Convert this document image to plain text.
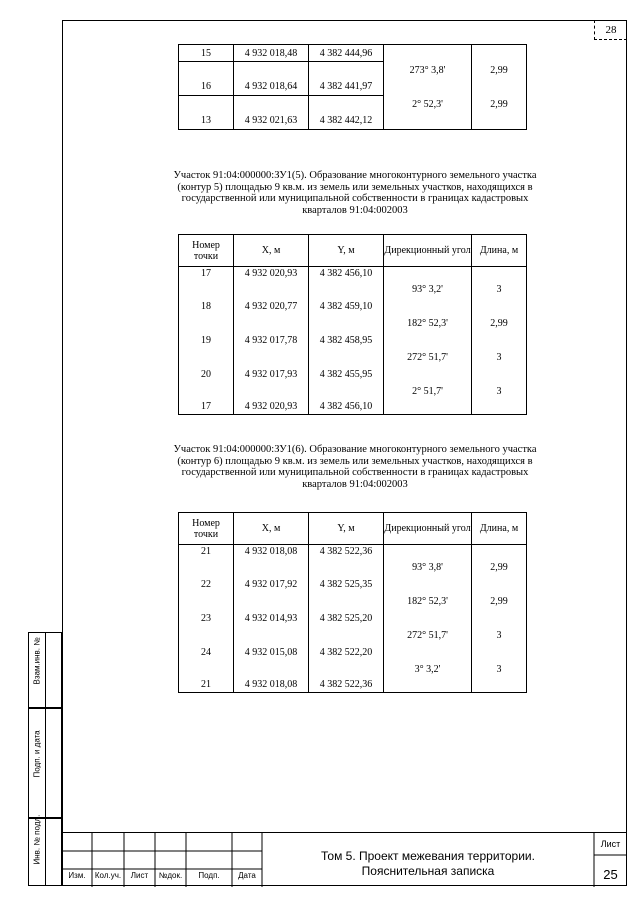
Взам.инв. №
Подп. и дата
Инв. № подл.
28
15	4 932 018,48	4 382 444,96		
			273° 3,8'	2,99
16	4 932 018,64	4 382 441,97		
			2° 52,3'	2,99
13	4 932 021,63	4 382 442,12		
Участок 91:04:000000:ЗУ1(5). Образование многоконтурного земельного участка (контур 5) площадью 9 кв.м. из земель или земельных участков, находящихся в государственной или муниципальной собственности в границах кадастровых кварталов 91:04:002003
Номер точки	X, м	Y, м	Дирекционный угол	Длина, м
17	4 932 020,93	4 382 456,10		
			93° 3,2'	3
18	4 932 020,77	4 382 459,10		
			182° 52,3'	2,99
19	4 932 017,78	4 382 458,95		
			272° 51,7'	3
20	4 932 017,93	4 382 455,95		
			2° 51,7'	3
17	4 932 020,93	4 382 456,10		
Участок 91:04:000000:ЗУ1(6). Образование многоконтурного земельного участка (контур 6) площадью 9 кв.м. из земель или земельных участков, находящихся в государственной или муниципальной собственности в границах кадастровых кварталов 91:04:002003
Номер точки	X, м	Y, м	Дирекционный угол	Длина, м
21	4 932 018,08	4 382 522,36		
			93° 3,8'	2,99
22	4 932 017,92	4 382 525,35		
			182° 52,3'	2,99
23	4 932 014,93	4 382 525,20		
			272° 51,7'	3
24	4 932 015,08	4 382 522,20		
			3° 3,2'	3
21	4 932 018,08	4 382 522,36		
Изм.	Кол.уч.	Лист	№док.	Подп.	Дата
Том 5. Проект межевания территории.
Пояснительная записка
Лист
25
